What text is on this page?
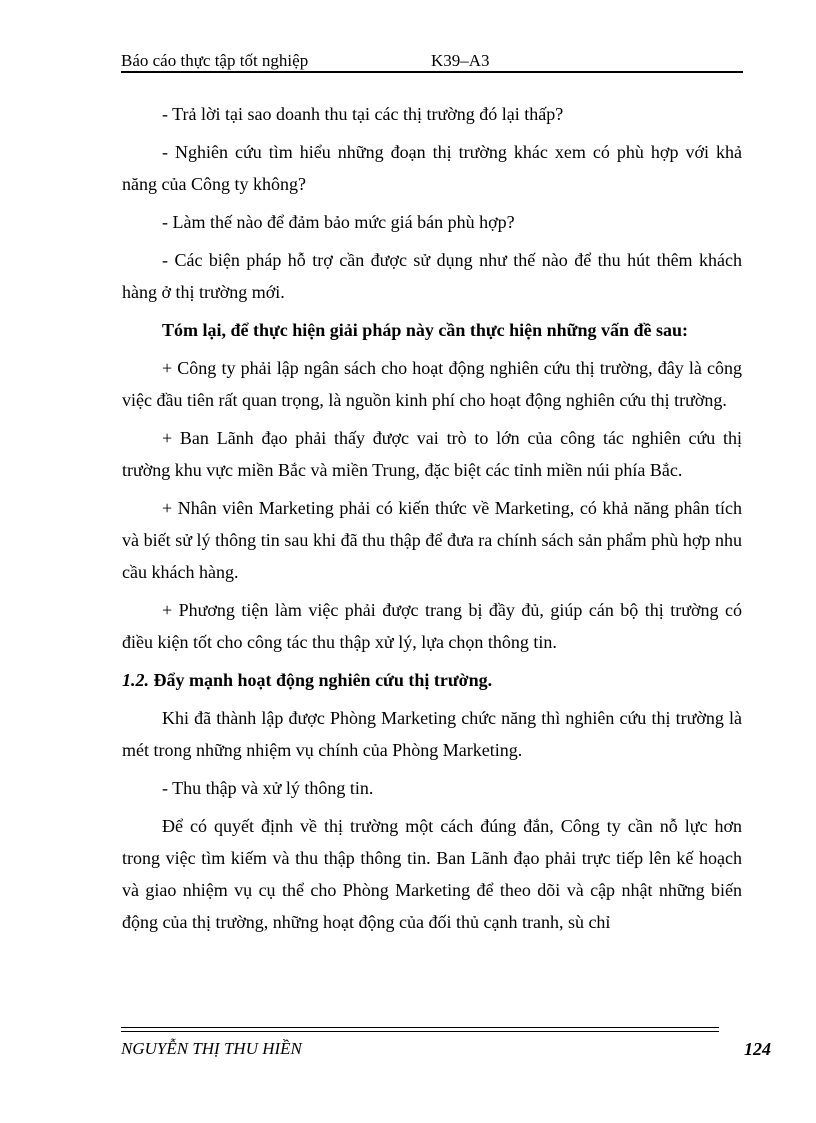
Báo cáo thực tập tốt nghiệp	K39–A3

- Trả lời tại sao doanh thu tại các thị trường đó lại thấp?

- Nghiên cứu tìm hiểu những đoạn thị trường khác xem có phù hợp với khả năng của Công ty không?

- Làm thế nào để đảm bảo mức giá bán phù hợp?

- Các biện pháp hỗ trợ cần được sử dụng như thế nào để thu hút thêm khách hàng ở thị trường mới.

Tóm lại, để thực hiện giải pháp này cần thực hiện những vấn đề sau:

+ Công ty phải lập ngân sách cho hoạt động nghiên cứu thị trường, đây là công việc đầu tiên rất quan trọng, là nguồn kinh phí cho hoạt động nghiên cứu thị trường.

+ Ban Lãnh đạo phải thấy được vai trò to lớn của công tác nghiên cứu thị trường khu vực miền Bắc và miền Trung, đặc biệt các tỉnh miền núi phía Bắc.

+ Nhân viên Marketing phải có kiến thức về Marketing, có khả năng phân tích và biết sử lý thông tin sau khi đã thu thập để đưa ra chính sách sản phẩm phù hợp nhu cầu khách hàng.

+ Phương tiện làm việc phải được trang bị đầy đủ, giúp cán bộ thị trường có điều kiện tốt cho công tác thu thập xử lý, lựa chọn thông tin.

1.2. Đẩy mạnh hoạt động nghiên cứu thị trường.

Khi đã thành lập được Phòng Marketing chức năng thì nghiên cứu thị trường là mét trong những nhiệm vụ chính của Phòng Marketing.

- Thu thập và xử lý thông tin.

Để có quyết định về thị trường một cách đúng đắn, Công ty cần nỗ lực hơn trong việc tìm kiếm và thu thập thông tin. Ban Lãnh đạo phải trực tiếp lên kế hoạch và giao nhiệm vụ cụ thể cho Phòng Marketing để theo dõi và cập nhật những biến động của thị trường, những hoạt động của đối thủ cạnh tranh, sù chỉ

NGUYỄN THỊ THU HIỀN	124
